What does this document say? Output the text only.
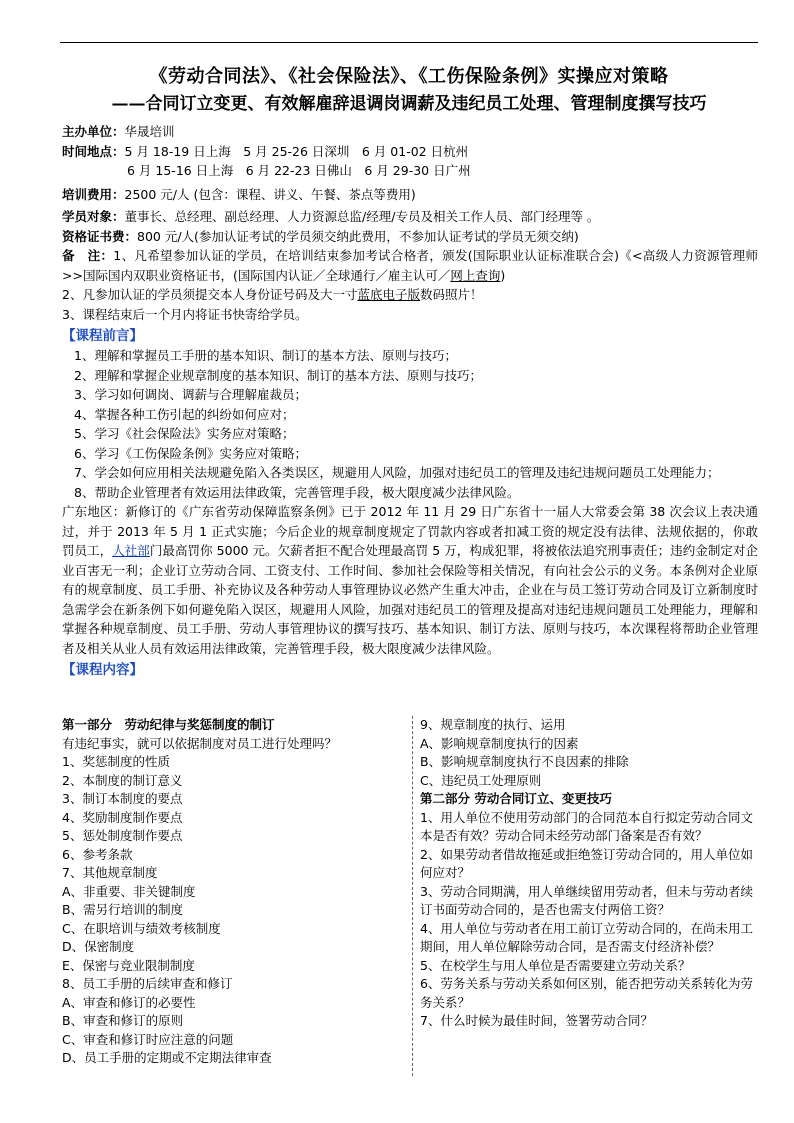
《劳动合同法》、《社会保险法》、《工伤保险条例》实操应对策略
——合同订立变更、有效解雇辞退调岗调薪及违纪员工处理、管理制度撰写技巧
主办单位：华晟培训
时间地点：5 月 18-19 日上海　5 月 25-26 日深圳　6 月 01-02 日杭州
6 月 15-16 日上海　6 月 22-23 日佛山　6 月 29-30 日广州
培训费用：2500 元/人 (包含：课程、讲义、午餐、茶点等费用)
学员对象：董事长、总经理、副总经理、人力资源总监/经理/专员及相关工作人员、部门经理等 。
资格证书费：800 元/人(参加认证考试的学员须交纳此费用，不参加认证考试的学员无须交纳)
备　注：1、凡希望参加认证的学员，在培训结束参加考试合格者，颁发(国际职业认证标准联合会)《<高级人力资源管理师>>国际国内双职业资格证书，(国际国内认证／全球通行／雇主认可／网上查询)
2、凡参加认证的学员须提交本人身份证号码及大一寸蓝底电子版数码照片！
3、课程结束后一个月内将证书快寄给学员。
【课程前言】
1、理解和掌握员工手册的基本知识、制订的基本方法、原则与技巧；
2、理解和掌握企业规章制度的基本知识、制订的基本方法、原则与技巧；
3、学习如何调岗、调薪与合理解雇裁员；
4、掌握各种工伤引起的纠纷如何应对；
5、学习《社会保险法》实务应对策略；
6、学习《工伤保险条例》实务应对策略；
7、学会如何应用相关法规避免陷入各类误区，规避用人风险，加强对违纪员工的管理及违纪违规问题员工处理能力；
8、帮助企业管理者有效运用法律政策，完善管理手段，极大限度减少法律风险。
广东地区：新修订的《广东省劳动保障监察条例》已于 2012 年 11 月 29 日广东省十一届人大常委会第 38 次会议上表决通过，并于 2013 年 5 月 1 正式实施；今后企业的规章制度规定了罚款内容或者扣减工资的规定没有法律、法规依据的，你敢罚员工，人社部门最高罚你 5000 元。欠薪者拒不配合处理最高罚 5 万，构成犯罪，将被依法追究刑事责任；违约金制定对企业百害无一利；企业订立劳动合同、工资支付、工作时间、参加社会保险等相关情况，有向社会公示的义务。本条例对企业原有的规章制度、员工手册、补充协议及各种劳动人事管理协议必然产生重大冲击，企业在与员工签订劳动合同及订立新制度时急需学会在新条例下如何避免陷入误区，规避用人风险，加强对违纪员工的管理及提高对违纪违规问题员工处理能力，理解和掌握各种规章制度、员工手册、劳动人事管理协议的撰写技巧、基本知识、制订方法、原则与技巧，本次课程将帮助企业管理者及相关从业人员有效运用法律政策，完善管理手段，极大限度减少法律风险。
【课程内容】
第一部分　劳动纪律与奖惩制度的制订
有违纪事实，就可以依据制度对员工进行处理吗？
1、奖惩制度的性质
2、本制度的制订意义
3、制订本制度的要点
4、奖励制度制作要点
5、惩处制度制作要点
6、参考条款
7、其他规章制度
A、非重要、非关键制度
B、需另行培训的制度
C、在职培训与绩效考核制度
D、保密制度
E、保密与竞业限制制度
8、员工手册的后续审查和修订
A、审查和修订的必要性
B、审查和修订的原则
C、审查和修订时应注意的问题
D、员工手册的定期或不定期法律审查
9、规章制度的执行、运用
A、影响规章制度执行的因素
B、影响规章制度执行不良因素的排除
C、违纪员工处理原则
第二部分 劳动合同订立、变更技巧
1、用人单位不使用劳动部门的合同范本自行拟定劳动合同文本是否有效？劳动合同未经劳动部门备案是否有效？
2、如果劳动者借故拖延或拒绝签订劳动合同的，用人单位如何应对？
3、劳动合同期满，用人单继续留用劳动者，但未与劳动者续订书面劳动合同的，是否也需支付两倍工资？
4、用人单位与劳动者在用工前订立劳动合同的，在尚未用工期间，用人单位解除劳动合同，是否需支付经济补偿？
5、在校学生与用人单位是否需要建立劳动关系？
6、劳务关系与劳动关系如何区别，能否把劳动关系转化为劳务关系？
7、什么时候为最佳时间，签署劳动合同？
